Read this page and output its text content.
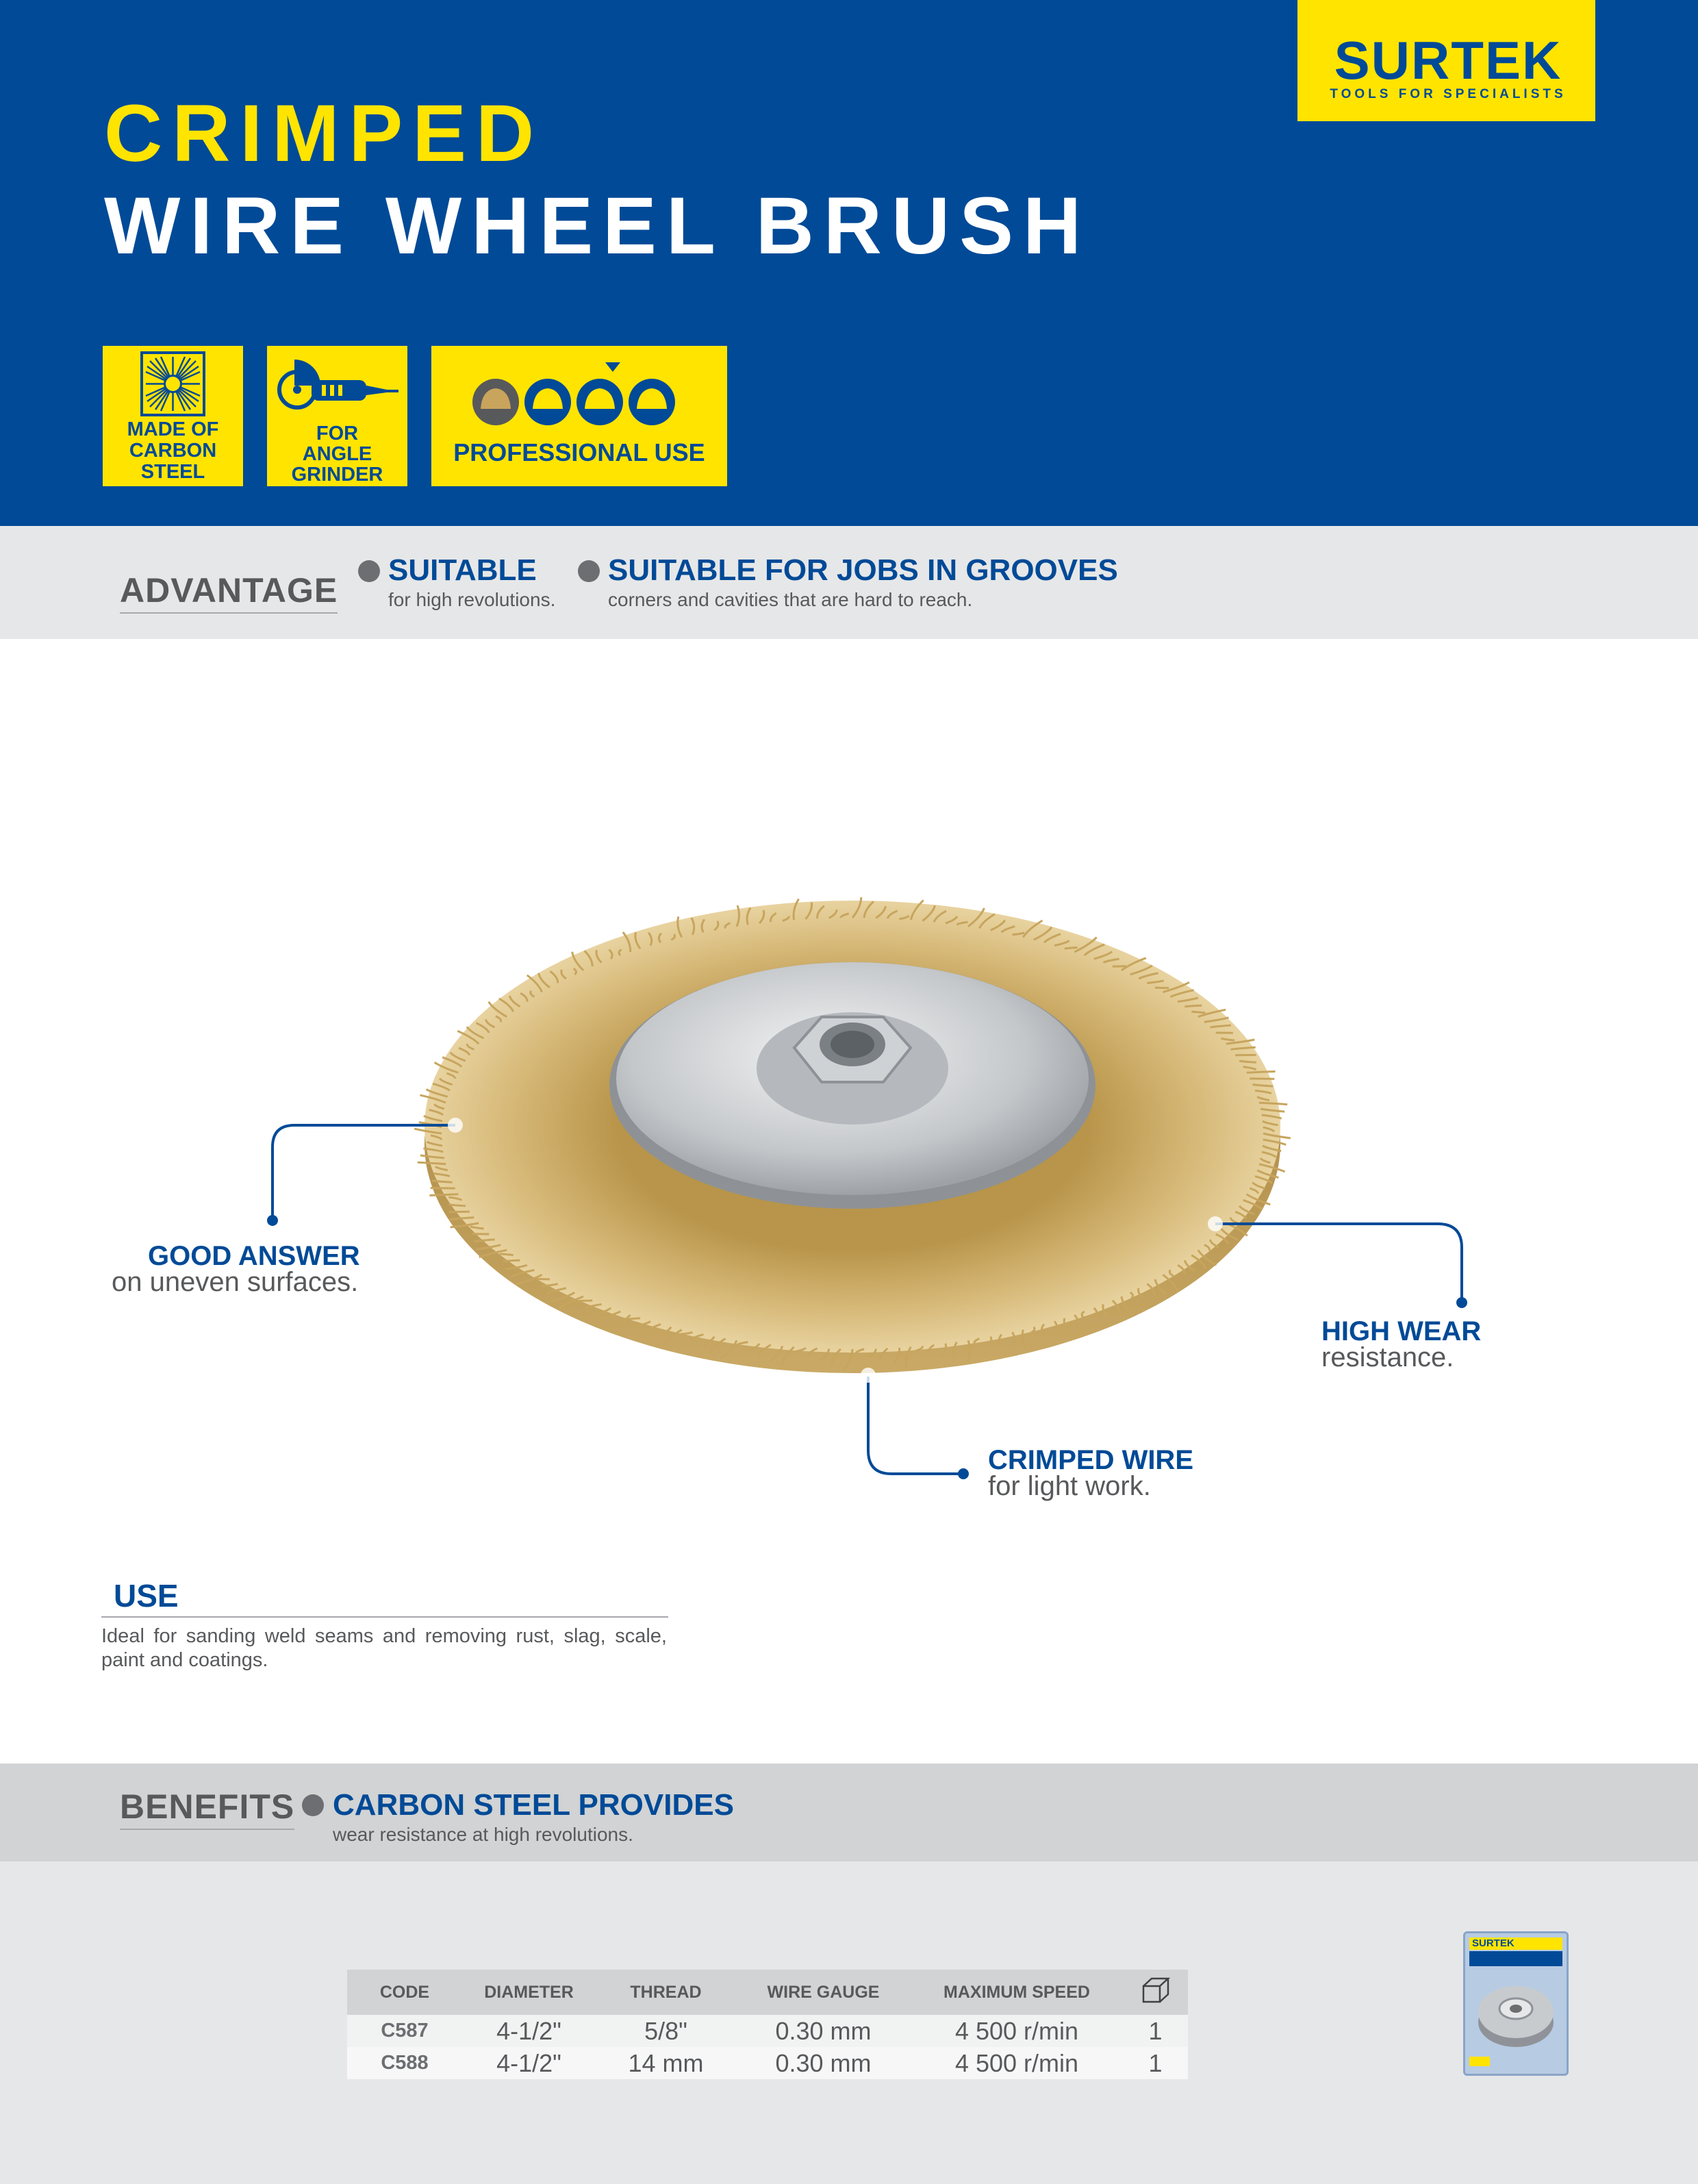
CRIMPED
WIRE WHEEL BRUSH
SURTEK
TOOLS FOR SPECIALISTS
MADE OF
CARBON
STEEL
FOR
ANGLE
GRINDER
PROFESSIONAL USE
ADVANTAGE
SUITABLE
for high revolutions.
SUITABLE FOR JOBS IN GROOVES
corners and cavities that are hard to reach.
GOOD ANSWER
on uneven surfaces.
HIGH WEAR
resistance.
CRIMPED WIRE
for light work.
USE
Ideal for sanding weld seams and removing rust, slag, scale, paint and coatings.
BENEFITS CARBON STEEL PROVIDES
wear resistance at high revolutions.
CODE	DIAMETER	THREAD	WIRE GAUGE	MAXIMUM SPEED	
C587	4-1/2"	5/8"	0.30 mm	4 500 r/min	1
C588	4-1/2"	14 mm	0.30 mm	4 500 r/min	1
SURTEK
